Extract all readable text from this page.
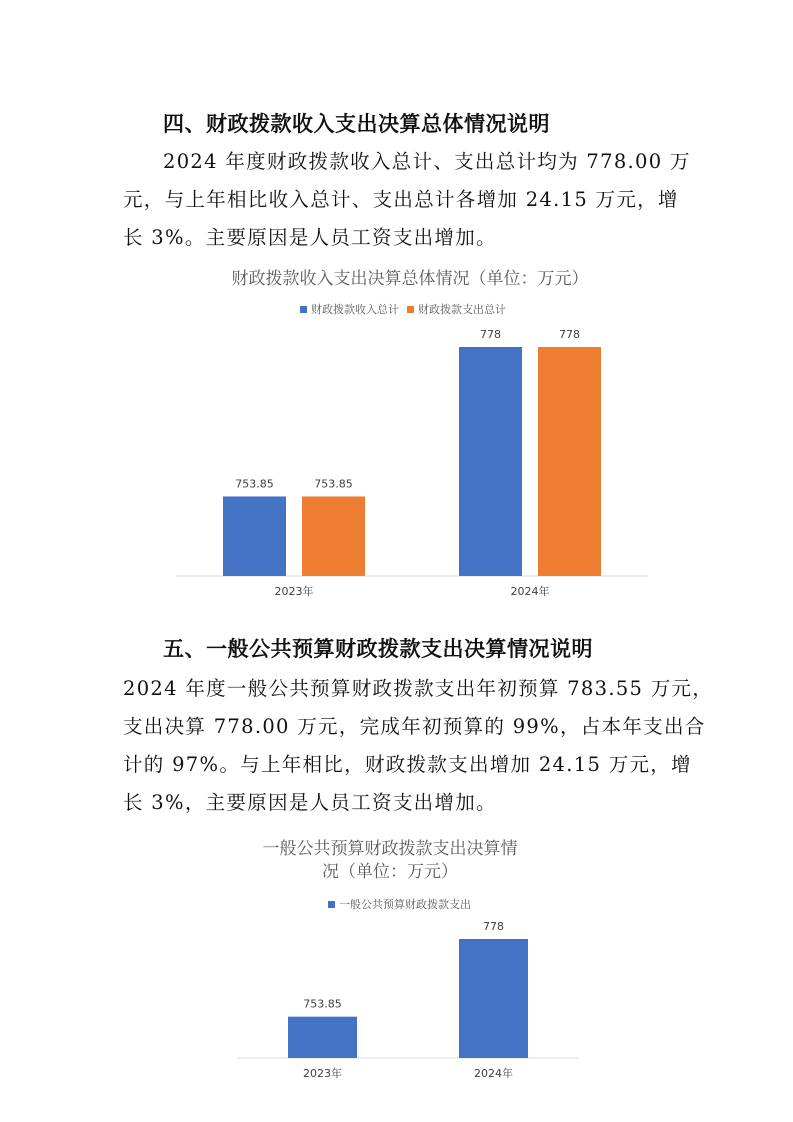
四、财政拨款收入支出决算总体情况说明
2024 年度财政拨款收入总计、支出总计均为 778.00 万
元，与上年相比收入总计、支出总计各增加 24.15 万元，增
长 3%。主要原因是人员工资支出增加。
财政拨款收入支出决算总体情况（单位：万元）
财政拨款收入总计 财政拨款支出总计
753.85	753.85
2023年
778	778
2024年
五、一般公共预算财政拨款支出决算情况说明
2024 年度一般公共预算财政拨款支出年初预算 783.55 万元，
支出决算 778.00 万元，完成年初预算的 99%，占本年支出合
计的 97%。与上年相比，财政拨款支出增加 24.15 万元，增
长 3%，主要原因是人员工资支出增加。
一般公共预算财政拨款支出决算情
况（单位：万元）
一般公共预算财政拨款支出
753.85
2023年
778
2024年
